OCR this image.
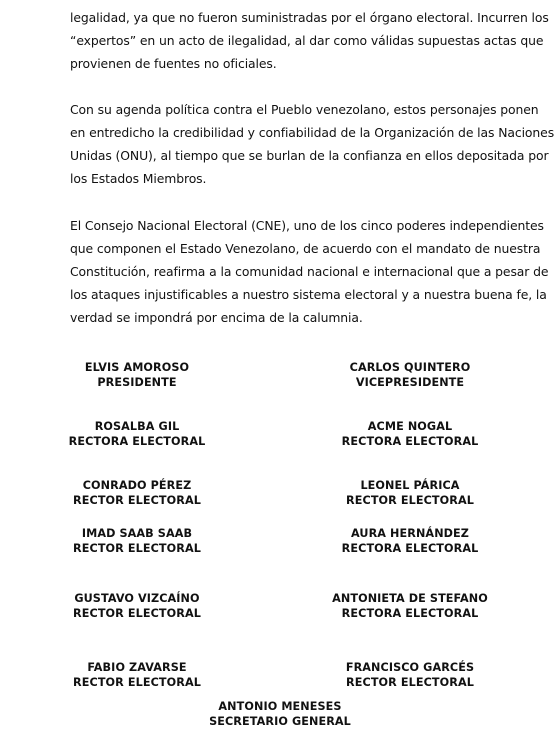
legalidad, ya que no fueron suministradas por el órgano electoral. Incurren los
“expertos” en un acto de ilegalidad, al dar como válidas supuestas actas que
provienen de fuentes no oficiales.
Con su agenda política contra el Pueblo venezolano, estos personajes ponen
en entredicho la credibilidad y confiabilidad de la Organización de las Naciones
Unidas (ONU), al tiempo que se burlan de la confianza en ellos depositada por
los Estados Miembros.
El Consejo Nacional Electoral (CNE), uno de los cinco poderes independientes
que componen el Estado Venezolano, de acuerdo con el mandato de nuestra
Constitución, reafirma a la comunidad nacional e internacional que a pesar de
los ataques injustificables a nuestro sistema electoral y a nuestra buena fe, la
verdad se impondrá por encima de la calumnia.
ELVIS AMOROSO
PRESIDENTE
CARLOS QUINTERO
VICEPRESIDENTE
ROSALBA GIL
RECTORA ELECTORAL
ACME NOGAL
RECTORA ELECTORAL
CONRADO PÉREZ
RECTOR ELECTORAL
LEONEL PÁRICA
RECTOR ELECTORAL
IMAD SAAB SAAB
RECTOR ELECTORAL
AURA HERNÁNDEZ
RECTORA ELECTORAL
GUSTAVO VIZCAÍNO
RECTOR ELECTORAL
ANTONIETA DE STEFANO
RECTORA ELECTORAL
FABIO ZAVARSE
RECTOR ELECTORAL
FRANCISCO GARCÉS
RECTOR ELECTORAL
ANTONIO MENESES
SECRETARIO GENERAL
